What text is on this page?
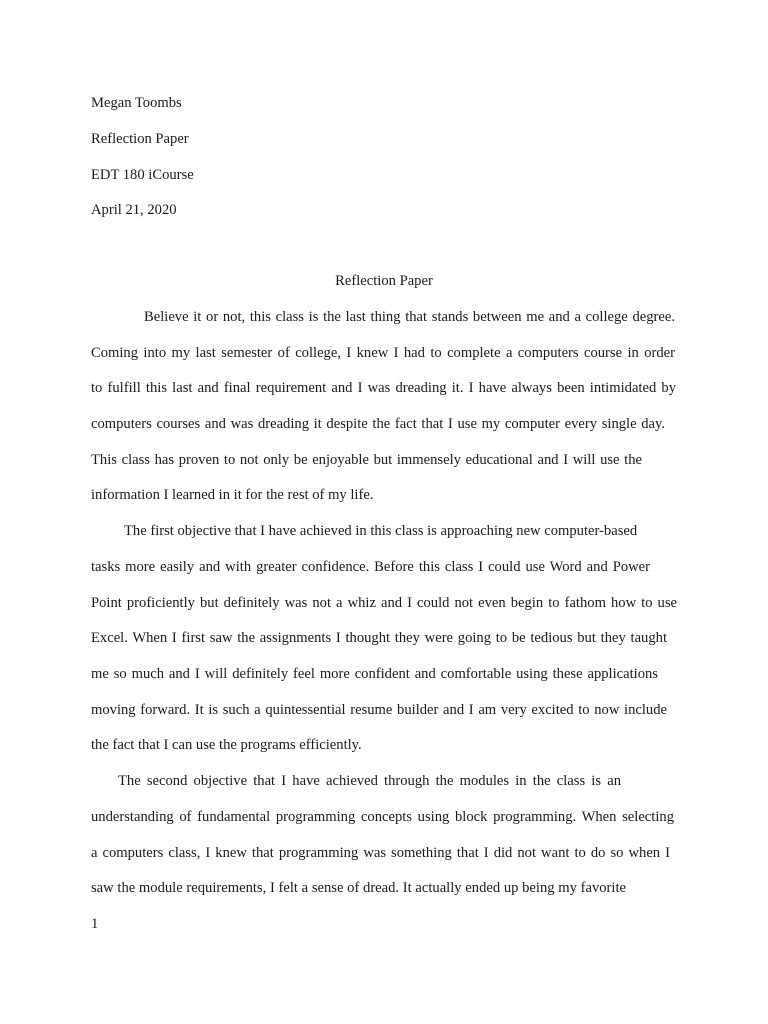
Megan Toombs
Reflection Paper
EDT 180 iCourse
April 21, 2020
Reflection Paper
Believe it or not, this class is the last thing that stands between me and a college degree.
Coming into my last semester of college, I knew I had to complete a computers course in order
to fulfill this last and final requirement and I was dreading it. I have always been intimidated by
computers courses and was dreading it despite the fact that I use my computer every single day.
This class has proven to not only be enjoyable but immensely educational and I will use the
information I learned in it for the rest of my life.
The first objective that I have achieved in this class is approaching new computer-based
tasks more easily and with greater confidence. Before this class I could use Word and Power
Point proficiently but definitely was not a whiz and I could not even begin to fathom how to use
Excel. When I first saw the assignments I thought they were going to be tedious but they taught
me so much and I will definitely feel more confident and comfortable using these applications
moving forward. It is such a quintessential resume builder and I am very excited to now include
the fact that I can use the programs efficiently.
The second objective that I have achieved through the modules in the class is an
understanding of fundamental programming concepts using block programming. When selecting
a computers class, I knew that programming was something that I did not want to do so when I
saw the module requirements, I felt a sense of dread. It actually ended up being my favorite
1
